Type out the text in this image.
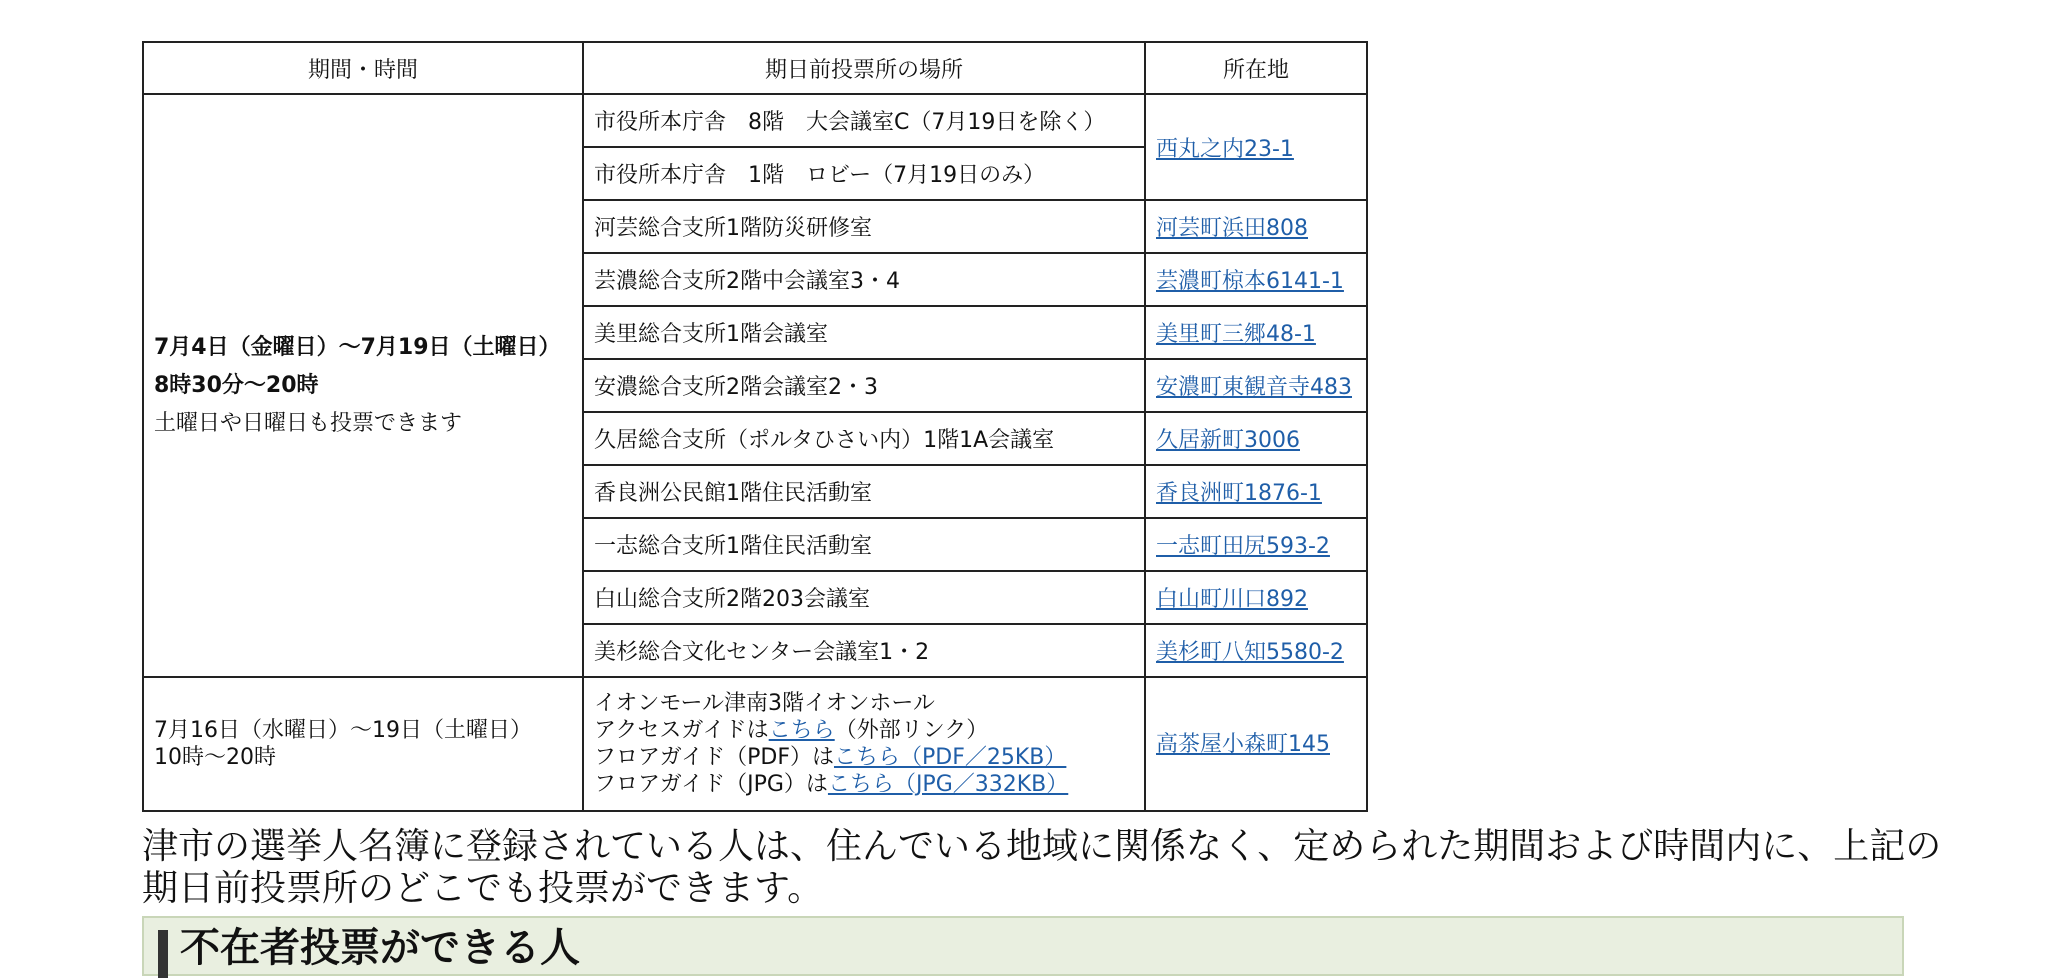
期間・時間	期日前投票所の場所	所在地

7月4日（金曜日）～7月19日（土曜日）
8時30分～20時
土曜日や日曜日も投票できます	市役所本庁舎　8階　大会議室C（7月19日を除く）	西丸之内23-1
	市役所本庁舎　1階　ロビー（7月19日のみ）	
	河芸総合支所1階防災研修室	河芸町浜田808
	芸濃総合支所2階中会議室3・4	芸濃町椋本6141-1
	美里総合支所1階会議室	美里町三郷48-1
	安濃総合支所2階会議室2・3	安濃町東観音寺483
	久居総合支所（ポルタひさい内）1階1A会議室	久居新町3006
	香良洲公民館1階住民活動室	香良洲町1876-1
	一志総合支所1階住民活動室	一志町田尻593-2
	白山総合支所2階203会議室	白山町川口892
	美杉総合文化センター会議室1・2	美杉町八知5580-2

7月16日（水曜日）～19日（土曜日）
10時～20時	イオンモール津南3階イオンホール
アクセスガイドはこちら（外部リンク）
フロアガイド（PDF）はこちら（PDF／25KB）
フロアガイド（JPG）はこちら（JPG／332KB）	高茶屋小森町145
津市の選挙人名簿に登録されている人は、住んでいる地域に関係なく、定められた期間および時間内に、上記の期日前投票所のどこでも投票ができます。
不在者投票ができる人
